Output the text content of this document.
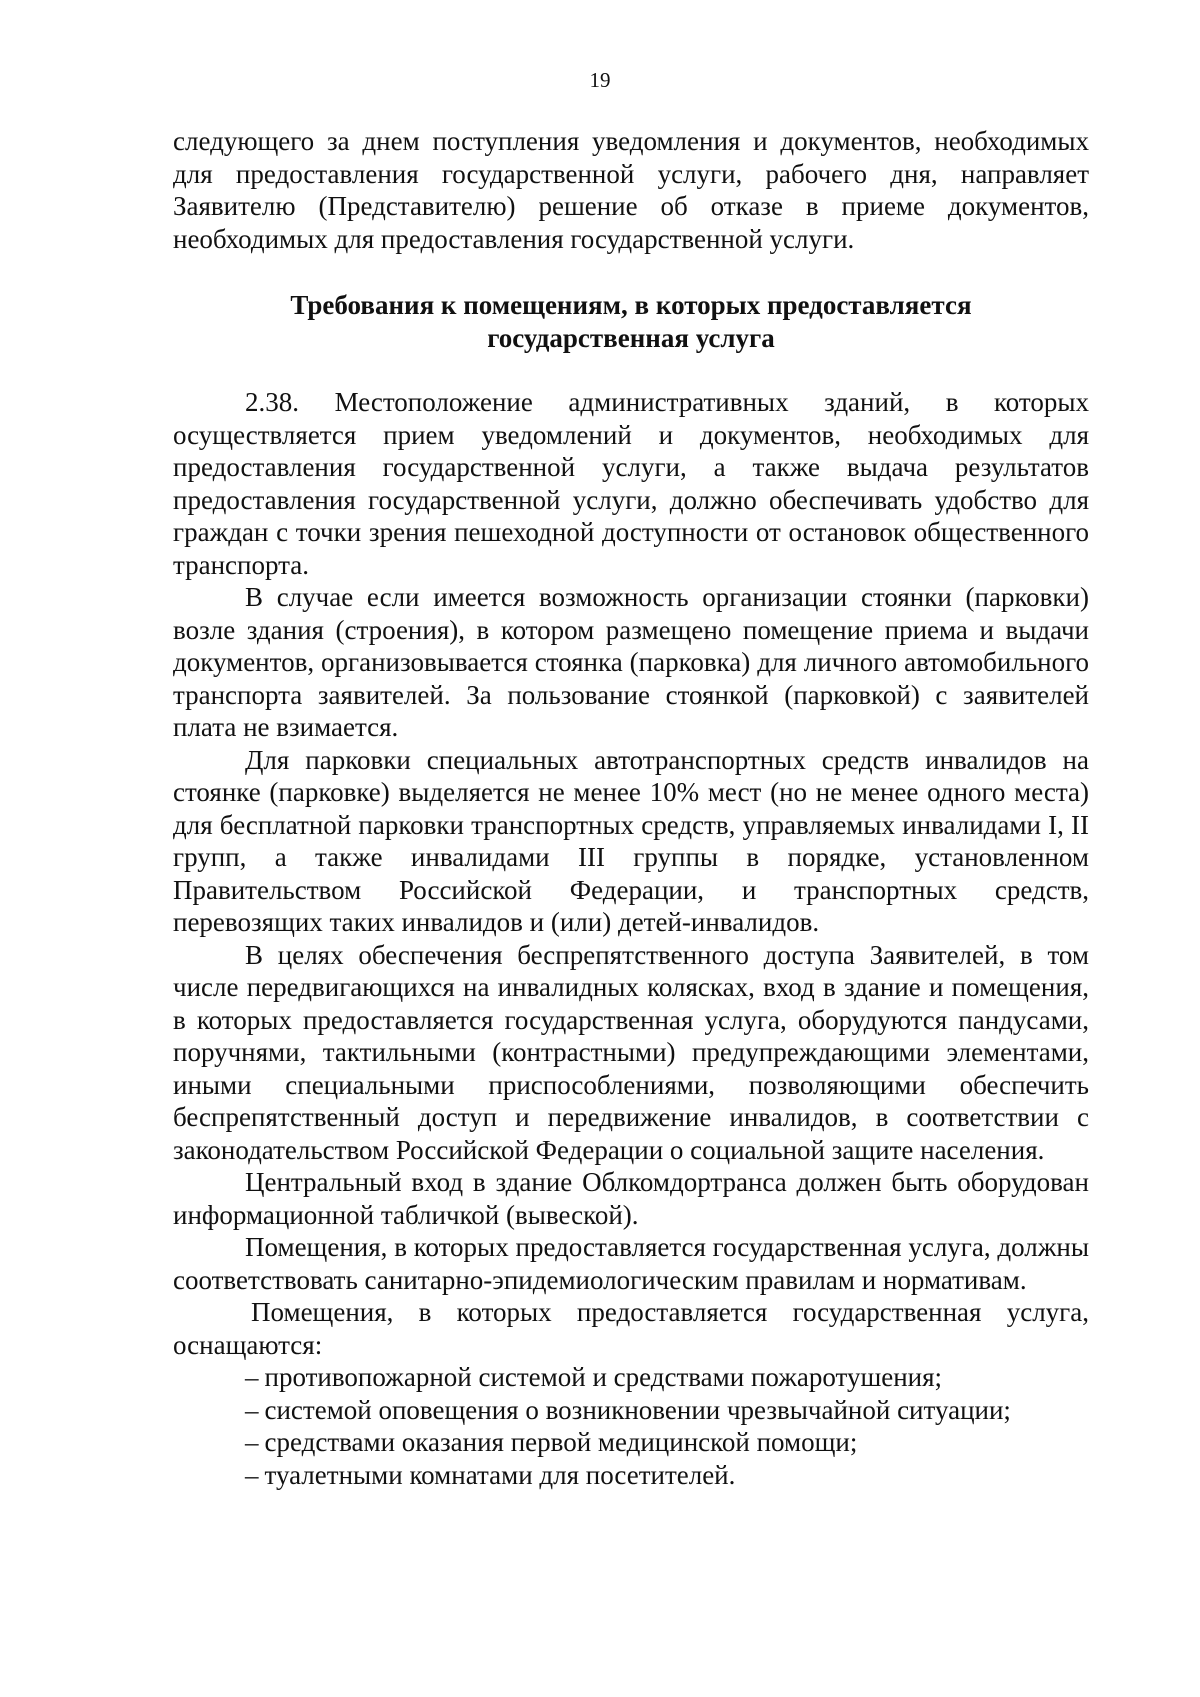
19

следующего за днем поступления уведомления и документов, необходимых для предоставления государственной услуги, рабочего дня, направляет Заявителю (Представителю) решение об отказе в приеме документов, необходимых для предоставления государственной услуги.

Требования к помещениям, в которых предоставляется
государственная услуга

2.38. Местоположение административных зданий, в которых осуществляется прием уведомлений и документов, необходимых для предоставления государственной услуги, а также выдача результатов предоставления государственной услуги, должно обеспечивать удобство для граждан с точки зрения пешеходной доступности от остановок общественного транспорта.

В случае если имеется возможность организации стоянки (парковки) возле здания (строения), в котором размещено помещение приема и выдачи документов, организовывается стоянка (парковка) для личного автомобильного транспорта заявителей. За пользование стоянкой (парковкой) с заявителей плата не взимается.

Для парковки специальных автотранспортных средств инвалидов на стоянке (парковке) выделяется не менее 10% мест (но не менее одного места) для бесплатной парковки транспортных средств, управляемых инвалидами I, II групп, а также инвалидами III группы в порядке, установленном Правительством Российской Федерации, и транспортных средств, перевозящих таких инвалидов и (или) детей-инвалидов.

В целях обеспечения беспрепятственного доступа Заявителей, в том числе передвигающихся на инвалидных колясках, вход в здание и помещения, в которых предоставляется государственная услуга, оборудуются пандусами, поручнями, тактильными (контрастными) предупреждающими элементами, иными специальными приспособлениями, позволяющими обеспечить беспрепятственный доступ и передвижение инвалидов, в соответствии с законодательством Российской Федерации о социальной защите населения.

Центральный вход в здание Облкомдортранса должен быть оборудован информационной табличкой (вывеской).

Помещения, в которых предоставляется государственная услуга, должны соответствовать санитарно-эпидемиологическим правилам и нормативам.

Помещения, в которых предоставляется государственная услуга, оснащаются:

– противопожарной системой и средствами пожаротушения;
– системой оповещения о возникновении чрезвычайной ситуации;
– средствами оказания первой медицинской помощи;
– туалетными комнатами для посетителей.
